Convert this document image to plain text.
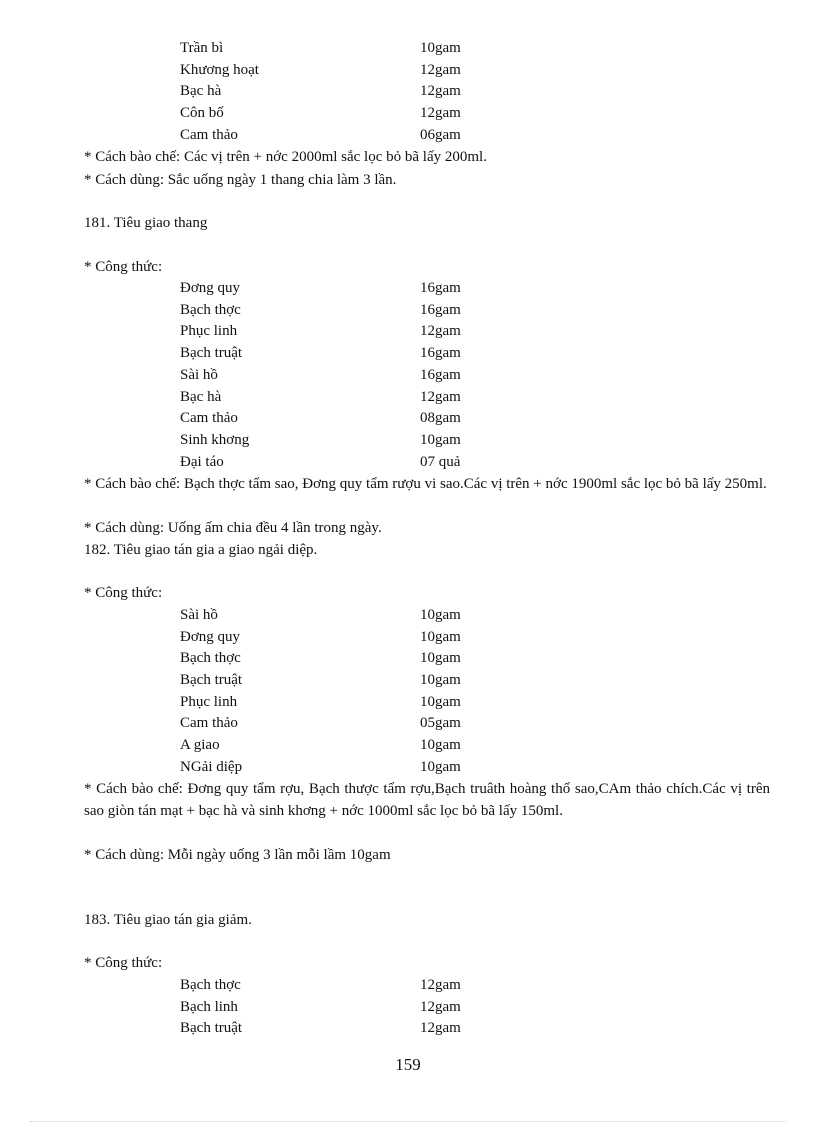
Trần bì	10gam
Khương hoạt	12gam
Bạc hà	12gam
Côn bố	12gam
Cam thảo	06gam
* Cách bào chế: Các vị trên + nớc 2000ml sắc lọc bỏ bã lấy 200ml.
* Cách dùng: Sắc uống ngày 1 thang chia làm 3 lần.
181. Tiêu giao thang
* Công thức:
Đơng quy	16gam
Bạch thợc	16gam
Phục linh	12gam
Bạch truật	16gam
Sài hồ	16gam
Bạc hà	12gam
Cam thảo	08gam
Sinh khơng	10gam
Đại táo	07 quả
* Cách bào chế: Bạch thợc tẩm sao, Đơng quy tẩm rượu vi sao.Các vị trên + nớc 1900ml sắc lọc bỏ bã lấy 250ml.
* Cách dùng: Uống ấm chia đều 4 lần trong ngày.
182. Tiêu giao tán gia a giao ngải diệp.
* Công thức:
Sài hồ	10gam
Đơng quy	10gam
Bạch thợc	10gam
Bạch truật	10gam
Phục linh	10gam
Cam thảo	05gam
A giao	10gam
NGải diệp	10gam
* Cách bào chế: Đơng quy tẩm rợu, Bạch thược tẩm rợu,Bạch truâth hoàng thổ sao,CAm thảo chích.Các vị trên sao giòn tán mạt + bạc hà và sinh khơng + nớc 1000ml sắc lọc bỏ bã lấy 150ml.
* Cách dùng: Mỗi ngày uống 3 lần mỗi lầm 10gam
183. Tiêu giao tán gia giảm.
* Công thức:
Bạch thợc	12gam
Bạch linh	12gam
Bạch truật	12gam
159
